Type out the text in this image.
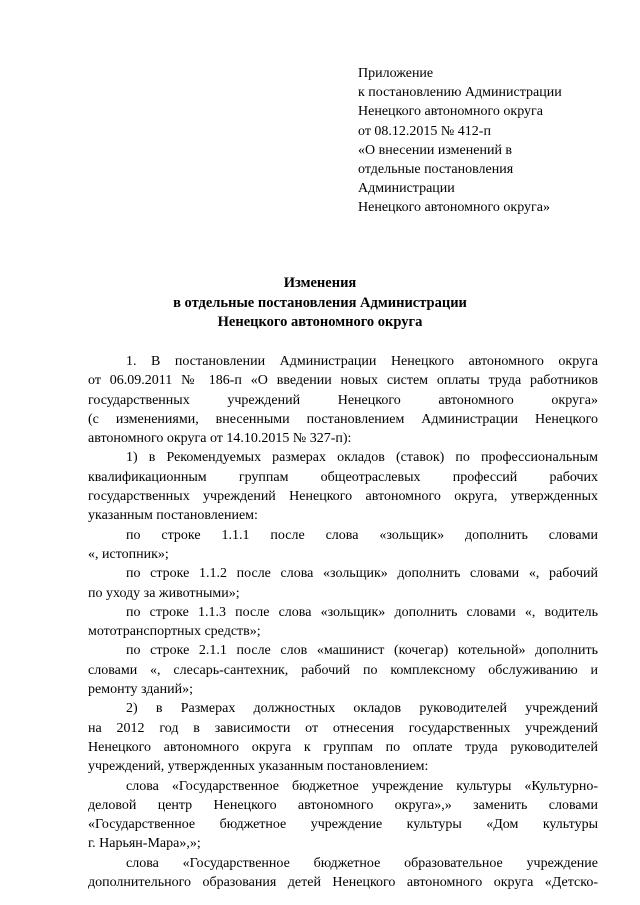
Приложение
к постановлению Администрации
Ненецкого автономного округа
от 08.12.2015 № 412-п
«О внесении изменений в
отдельные постановления
Администрации
Ненецкого автономного округа»
Изменения
в отдельные постановления Администрации
Ненецкого автономного округа
1. В постановлении Администрации Ненецкого автономного округа
от 06.09.2011 № 186-п «О введении новых систем оплаты труда работников
государственных учреждений Ненецкого автономного округа»
(с изменениями, внесенными постановлением Администрации Ненецкого
автономного округа от 14.10.2015 № 327-п):
1) в Рекомендуемых размерах окладов (ставок) по профессиональным
квалификационным группам общеотраслевых профессий рабочих
государственных учреждений Ненецкого автономного округа, утвержденных
указанным постановлением:
по строке 1.1.1 после слова «зольщик» дополнить словами
«, истопник»;
по строке 1.1.2 после слова «зольщик» дополнить словами «, рабочий
по уходу за животными»;
по строке 1.1.3 после слова «зольщик» дополнить словами «, водитель
мототранспортных средств»;
по строке 2.1.1 после слов «машинист (кочегар) котельной» дополнить
словами «, слесарь-сантехник, рабочий по комплексному обслуживанию и
ремонту зданий»;
2) в Размерах должностных окладов руководителей учреждений
на 2012 год в зависимости от отнесения государственных учреждений
Ненецкого автономного округа к группам по оплате труда руководителей
учреждений, утвержденных указанным постановлением:
слова «Государственное бюджетное учреждение культуры «Культурно-
деловой центр Ненецкого автономного округа»,» заменить словами
«Государственное бюджетное учреждение культуры «Дом культуры
г. Нарьян-Мара»,»;
слова «Государственное бюджетное образовательное учреждение
дополнительного образования детей Ненецкого автономного округа «Детско-
